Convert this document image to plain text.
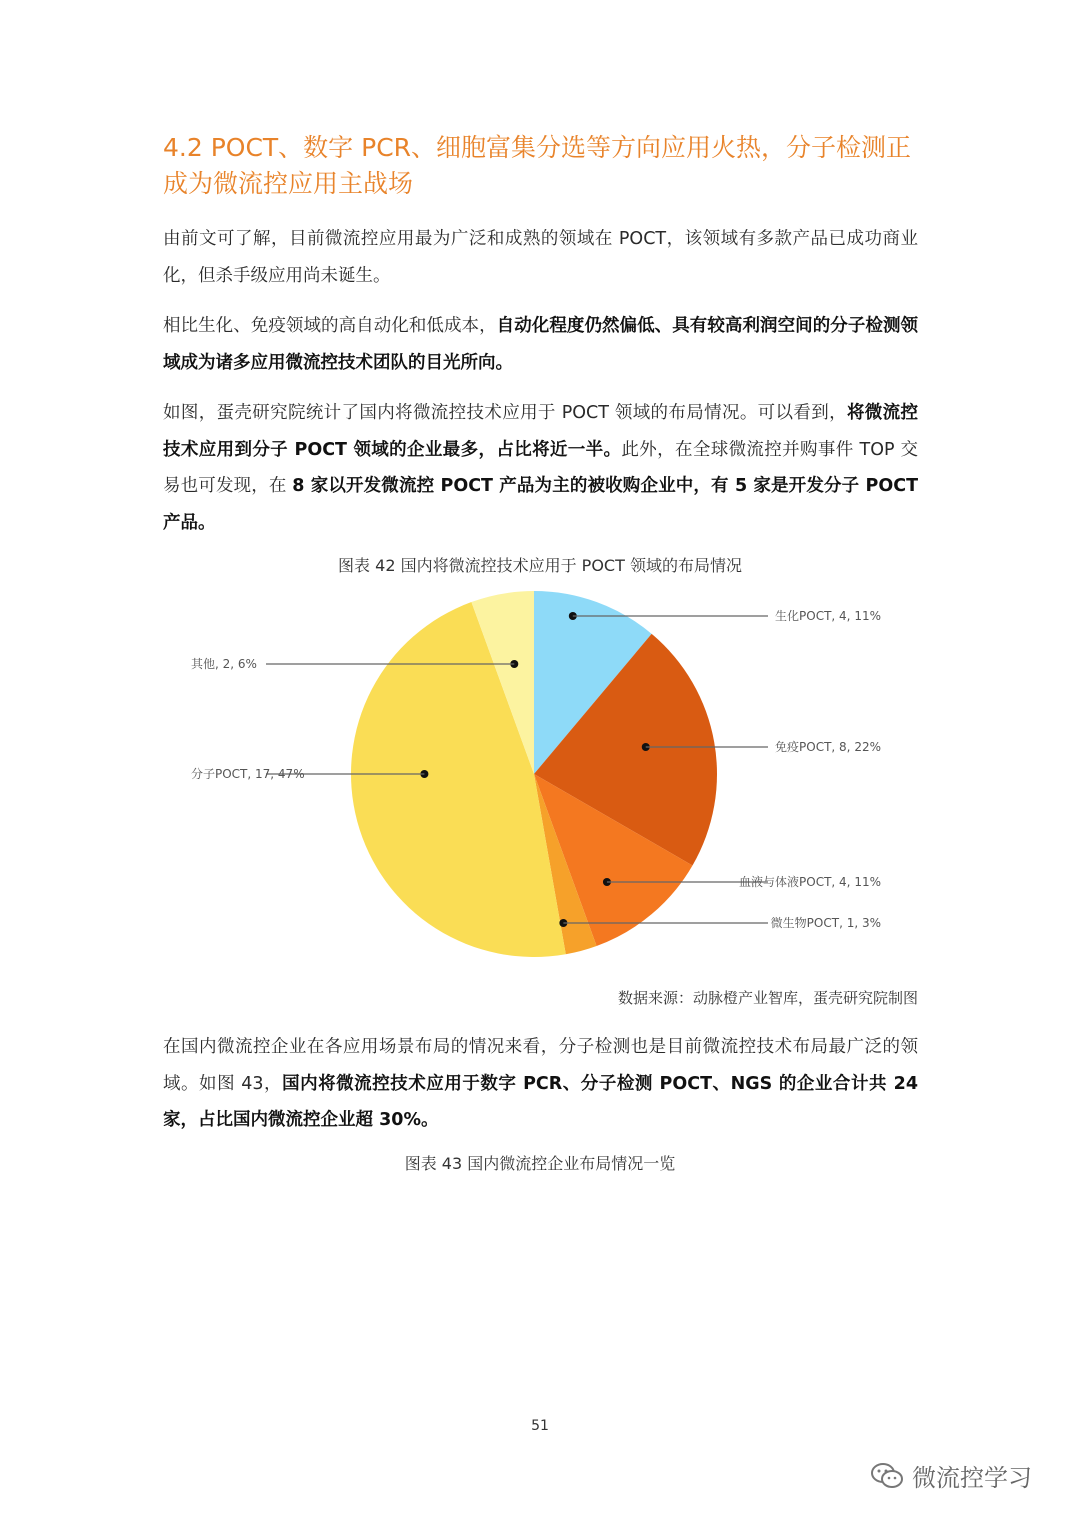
4.2 POCT、数字 PCR、细胞富集分选等方向应用火热，分子检测正成为微流控应用主战场

由前文可了解，目前微流控应用最为广泛和成熟的领域在 POCT，该领域有多款产品已成功商业化，但杀手级应用尚未诞生。

相比生化、免疫领域的高自动化和低成本，自动化程度仍然偏低、具有较高利润空间的分子检测领域成为诸多应用微流控技术团队的目光所向。

如图，蛋壳研究院统计了国内将微流控技术应用于 POCT 领域的布局情况。可以看到，将微流控技术应用到分子 POCT 领域的企业最多，占比将近一半。此外，在全球微流控并购事件 TOP 交易也可发现，在 8 家以开发微流控 POCT 产品为主的被收购企业中，有 5 家是开发分子 POCT 产品。

图表 42 国内将微流控技术应用于 POCT 领域的布局情况
生化POCT, 4, 11%
免疫POCT, 8, 22%
血液与体液POCT, 4, 11%
微生物POCT, 1, 3%
分子POCT, 17, 47%
其他, 2, 6%
数据来源：动脉橙产业智库，蛋壳研究院制图

在国内微流控企业在各应用场景布局的情况来看，分子检测也是目前微流控技术布局最广泛的领域。如图 43，国内将微流控技术应用于数字 PCR、分子检测 POCT、NGS 的企业合计共 24 家，占比国内微流控企业超 30%。

图表 43 国内微流控企业布局情况一览
51
微流控学习
